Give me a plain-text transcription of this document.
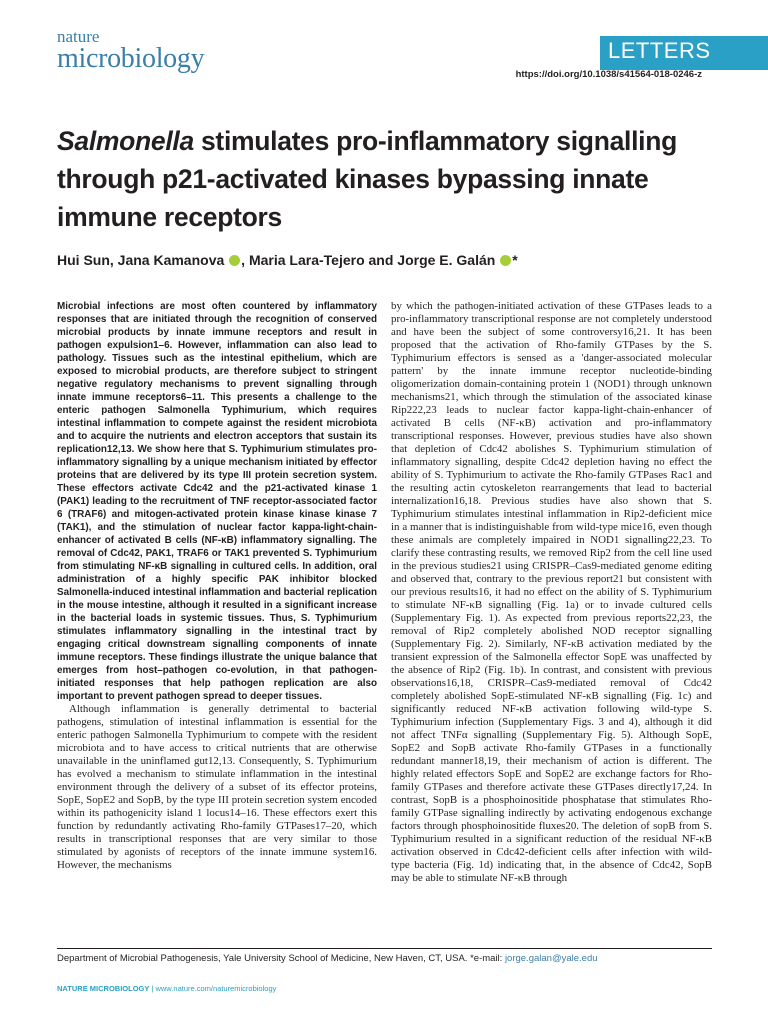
nature
microbiology	LETTERS
https://doi.org/10.1038/s41564-018-0246-z
Salmonella stimulates pro-inflammatory signalling through p21-activated kinases bypassing innate immune receptors
Hui Sun, Jana Kamanova , Maria Lara-Tejero and Jorge E. Galán *

Microbial infections are most often countered by inflammatory responses that are initiated through the recognition of conserved microbial products by innate immune receptors and result in pathogen expulsion1–6. However, inflammation can also lead to pathology. Tissues such as the intestinal epithelium, which are exposed to microbial products, are therefore subject to stringent negative regulatory mechanisms to prevent signalling through innate immune receptors6–11. This presents a challenge to the enteric pathogen Salmonella Typhimurium, which requires intestinal inflammation to compete against the resident microbiota and to acquire the nutrients and electron acceptors that sustain its replication12,13. We show here that S. Typhimurium stimulates pro-inflammatory signalling by a unique mechanism initiated by effector proteins that are delivered by its type III protein secretion system. These effectors activate Cdc42 and the p21-activated kinase 1 (PAK1) leading to the recruitment of TNF receptor-associated factor 6 (TRAF6) and mitogen-activated protein kinase kinase kinase 7 (TAK1), and the stimulation of nuclear factor kappa-light-chain-enhancer of activated B cells (NF-κB) inflammatory signalling. The removal of Cdc42, PAK1, TRAF6 or TAK1 prevented S. Typhimurium from stimulating NF-κB signalling in cultured cells. In addition, oral administration of a highly specific PAK inhibitor blocked Salmonella-induced intestinal inflammation and bacterial replication in the mouse intestine, although it resulted in a significant increase in the bacterial loads in systemic tissues. Thus, S. Typhimurium stimulates inflammatory signalling in the intestinal tract by engaging critical downstream signalling components of innate immune receptors. These findings illustrate the unique balance that emerges from host–pathogen co-evolution, in that pathogen-initiated responses that help pathogen replication are also important to prevent pathogen spread to deeper tissues.

Although inflammation is generally detrimental to bacterial pathogens, stimulation of intestinal inflammation is essential for the enteric pathogen Salmonella Typhimurium to compete with the resident microbiota and to have access to critical nutrients that are otherwise unavailable in the uninflamed gut12,13. Consequently, S. Typhimurium has evolved a mechanism to stimulate inflammation in the intestinal environment through the delivery of a subset of its effector proteins, SopE, SopE2 and SopB, by the type III protein secretion system encoded within its pathogenicity island 1 locus14–16. These effectors exert this function by redundantly activating Rho-family GTPases17–20, which results in transcriptional responses that are very similar to those stimulated by agonists of receptors of the innate immune system16. However, the mechanisms

by which the pathogen-initiated activation of these GTPases leads to a pro-inflammatory transcriptional response are not completely understood and have been the subject of some controversy16,21. It has been proposed that the activation of Rho-family GTPases by the S. Typhimurium effectors is sensed as a 'danger-associated molecular pattern' by the innate immune receptor nucleotide-binding oligomerization domain-containing protein 1 (NOD1) through unknown mechanisms21, which through the stimulation of the associated kinase Rip222,23 leads to nuclear factor kappa-light-chain-enhancer of activated B cells (NF-κB) activation and pro-inflammatory transcriptional responses. However, previous studies have also shown that depletion of Cdc42 abolishes S. Typhimurium stimulation of inflammatory signalling, despite Cdc42 depletion having no effect the ability of S. Typhimurium to activate the Rho-family GTPases Rac1 and the resulting actin cytoskeleton rearrangements that lead to bacterial internalization16,18. Previous studies have also shown that S. Typhimurium stimulates intestinal inflammation in Rip2-deficient mice in a manner that is indistinguishable from wild-type mice16, even though these animals are completely impaired in NOD1 signalling22,23. To clarify these contrasting results, we removed Rip2 from the cell line used in the previous studies21 using CRISPR–Cas9-mediated genome editing and observed that, contrary to the previous report21 but consistent with our previous results16, it had no effect on the ability of S. Typhimurium to stimulate NF-κB signalling (Fig. 1a) or to invade cultured cells (Supplementary Fig. 1). As expected from previous reports22,23, the removal of Rip2 completely abolished NOD receptor signalling (Supplementary Fig. 2). Similarly, NF-κB activation mediated by the transient expression of the Salmonella effector SopE was unaffected by the absence of Rip2 (Fig. 1b). In contrast, and consistent with previous observations16,18, CRISPR–Cas9-mediated removal of Cdc42 completely abolished SopE-stimulated NF-κB signalling (Fig. 1c) and significantly reduced NF-κB activation following wild-type S. Typhimurium infection (Supplementary Figs. 3 and 4), although it did not affect TNFα signalling (Supplementary Fig. 5). Although SopE, SopE2 and SopB activate Rho-family GTPases in a functionally redundant manner18,19, their mechanism of action is different. The highly related effectors SopE and SopE2 are exchange factors for Rho-family GTPases and therefore activate these GTPases directly17,24. In contrast, SopB is a phosphoinositide phosphatase that stimulates Rho-family GTPase signalling indirectly by activating endogenous exchange factors through phosphoinositide fluxes20. The deletion of sopB from S. Typhimurium resulted in a significant reduction of the residual NF-κB activation observed in Cdc42-deficient cells after infection with wild-type bacteria (Fig. 1d) indicating that, in the absence of Cdc42, SopB may be able to stimulate NF-κB through

Department of Microbial Pathogenesis, Yale University School of Medicine, New Haven, CT, USA. *e-mail: jorge.galan@yale.edu
NATURE MICROBIOLOGY | www.nature.com/naturemicrobiology
